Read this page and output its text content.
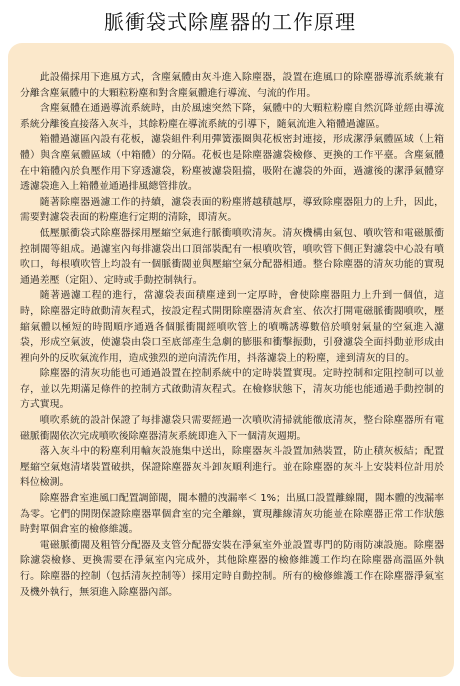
脈衝袋式除塵器的工作原理

此設備採用下進風方式，含塵氣體由灰斗進入除塵器，設置在進風口的除塵器導流系統兼有分離含塵氣體中的大顆粒粉塵和對含塵氣體進行導流、勻流的作用。

含塵氣體在通過導流系統時，由於風速突然下降，氣體中的大顆粒粉塵自然沉降並經由導流系統分離後直接落入灰斗，其餘粉塵在導流系統的引導下，隨氣流進入箱體過濾區。

箱體過濾區內設有花板，濾袋組件利用彈簧漲圈與花板密封連接，形成潔淨氣體區域（上箱體）與含塵氣體區域（中箱體）的分隔。花板也是除塵器濾袋檢修、更換的工作平臺。含塵氣體在中箱體內於負壓作用下穿透濾袋，粉塵被濾袋阻擋，吸附在濾袋的外面，過濾後的潔淨氣體穿透濾袋進入上箱體並通過排風總管排放。

隨著除塵器過濾工作的持續，濾袋表面的粉塵將越積越厚，導致除塵器阻力的上升，因此，需要對濾袋表面的粉塵進行定期的清除，即清灰。

低壓脈衝袋式除塵器採用壓縮空氣進行脈衝噴吹清灰。清灰機構由氣包、噴吹管和電磁脈衝控制閥等組成。過濾室內每排濾袋出口頂部裝配有一根噴吹管，噴吹管下側正對濾袋中心設有噴吹口，每根噴吹管上均設有一個脈衝閥並與壓縮空氣分配器相通。整台除塵器的清灰功能的實現通過差壓（定阻）、定時或手動控制執行。

隨著過濾工程的進行，當濾袋表面積塵達到一定厚時，會使除塵器阻力上升到一個值，這時，除塵器定時啟動清灰程式，按設定程式開閉除塵器清灰倉室、依次打開電磁脈衝閥噴吹，壓縮氣體以極短的時間順序通過各個脈衝閥經噴吹管上的噴嘴誘導數倍於噴射氣量的空氣進入濾袋，形成空氣波，使濾袋由袋口至底部產生急劇的膨脹和衝擊振動，引發濾袋全面抖動並形成由裡向外的反吹氣流作用，造成強烈的逆向清洗作用，抖落濾袋上的粉塵，達到清灰的目的。

除塵器的清灰功能也可通過設置在控制系統中的定時裝置實現。定時控制和定阻控制可以並存，並以先期滿足條件的控制方式啟動清灰程式。在檢修狀態下，清灰功能也能通過手動控制的方式實現。

噴吹系統的設計保證了每排濾袋只需要經過一次噴吹清掃就能徹底清灰，整台除塵器所有電磁脈衝閥依次完成噴吹後除塵器清灰系統即進入下一個清灰週期。

落入灰斗中的粉塵利用輸灰設施集中送出，除塵器灰斗設置加熱裝置，防止積灰板結；配置壓縮空氣炮清堵裝置破拱，保證除塵器灰斗卸灰順利進行。並在除塵器的灰斗上安裝料位計用於料位檢測。

除塵器倉室進風口配置調節閥，閥本體的洩漏率＜ 1%；出風口設置離線閥，閥本體的洩漏率為零。它們的開閉保證除塵器單個倉室的完全離線，實現離線清灰功能並在除塵器正常工作狀態時對單個倉室的檢修維護。

電磁脈衝閥及粗管分配器及支管分配器安裝在淨氣室外並設置專門的防雨防凍設施。除塵器除濾袋檢修、更換需要在淨氣室內完成外，其他除塵器的檢修維護工作均在除塵器高溫區外執行。除塵器的控制（包括清灰控制等）採用定時自動控制。所有的檢修維護工作在除塵器淨氣室及機外執行，無須進入除塵器內部。
